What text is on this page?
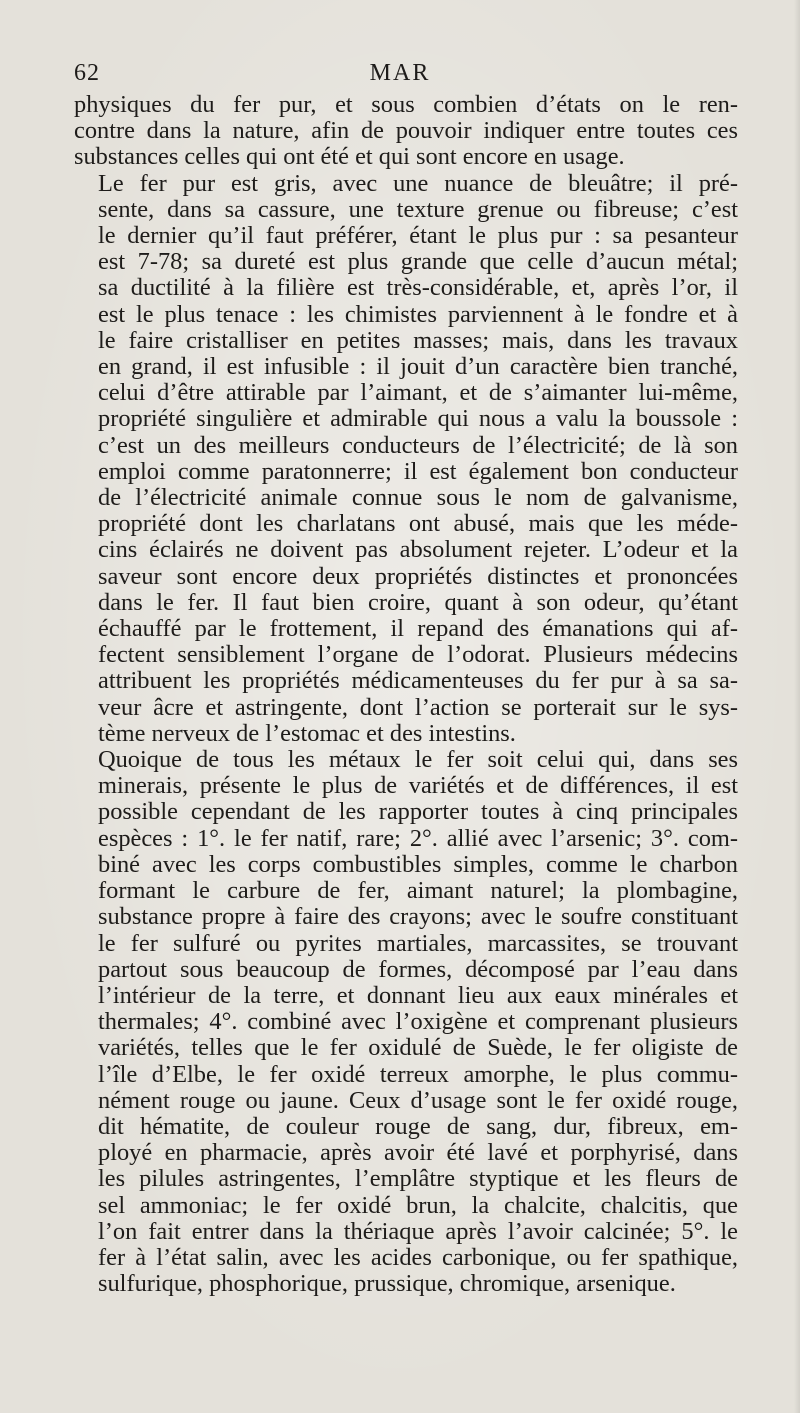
62	MAR

physiques du fer pur, et sous combien d’états on le ren-
contre dans la nature, afin de pouvoir indiquer entre toutes ces
substances celles qui ont été et qui sont encore en usage.

Le fer pur est gris, avec une nuance de bleuâtre; il pré-
sente, dans sa cassure, une texture grenue ou fibreuse; c’est
le dernier qu’il faut préférer, étant le plus pur : sa pesanteur
est 7-78; sa dureté est plus grande que celle d’aucun métal;
sa ductilité à la filière est très-considérable, et, après l’or, il
est le plus tenace : les chimistes parviennent à le fondre et à
le faire cristalliser en petites masses; mais, dans les travaux
en grand, il est infusible : il jouit d’un caractère bien tranché,
celui d’être attirable par l’aimant, et de s’aimanter lui-même,
propriété singulière et admirable qui nous a valu la boussole :
c’est un des meilleurs conducteurs de l’électricité; de là son
emploi comme paratonnerre; il est également bon conducteur
de l’électricité animale connue sous le nom de galvanisme,
propriété dont les charlatans ont abusé, mais que les méde-
cins éclairés ne doivent pas absolument rejeter. L’odeur et la
saveur sont encore deux propriétés distinctes et prononcées
dans le fer. Il faut bien croire, quant à son odeur, qu’étant
échauffé par le frottement, il repand des émanations qui af-
fectent sensiblement l’organe de l’odorat. Plusieurs médecins
attribuent les propriétés médicamenteuses du fer pur à sa sa-
veur âcre et astringente, dont l’action se porterait sur le sys-
tème nerveux de l’estomac et des intestins.

Quoique de tous les métaux le fer soit celui qui, dans ses
minerais, présente le plus de variétés et de différences, il est
possible cependant de les rapporter toutes à cinq principales
espèces : 1°. le fer natif, rare; 2°. allié avec l’arsenic; 3°. com-
biné avec les corps combustibles simples, comme le charbon
formant le carbure de fer, aimant naturel; la plombagine,
substance propre à faire des crayons; avec le soufre constituant
le fer sulfuré ou pyrites martiales, marcassites, se trouvant
partout sous beaucoup de formes, décomposé par l’eau dans
l’intérieur de la terre, et donnant lieu aux eaux minérales et
thermales; 4°. combiné avec l’oxigène et comprenant plusieurs
variétés, telles que le fer oxidulé de Suède, le fer oligiste de
l’île d’Elbe, le fer oxidé terreux amorphe, le plus commu-
nément rouge ou jaune. Ceux d’usage sont le fer oxidé rouge,
dit hématite, de couleur rouge de sang, dur, fibreux, em-
ployé en pharmacie, après avoir été lavé et porphyrisé, dans
les pilules astringentes, l’emplâtre styptique et les fleurs de
sel ammoniac; le fer oxidé brun, la chalcite, chalcitis, que
l’on fait entrer dans la thériaque après l’avoir calcinée; 5°. le
fer à l’état salin, avec les acides carbonique, ou fer spathique,
sulfurique, phosphorique, prussique, chromique, arsenique.
